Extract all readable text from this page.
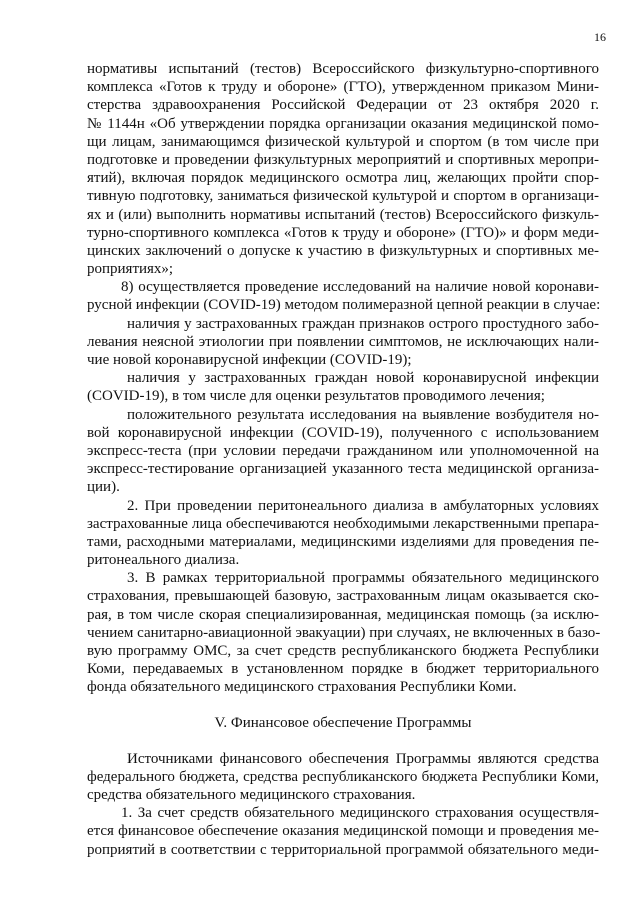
16
нормативы испытаний (тестов) Всероссийского физкультурно-спортивного
комплекса «Готов к труду и обороне» (ГТО), утвержденном приказом Мини-
стерства здравоохранения Российской Федерации от 23 октября 2020 г.
№ 1144н «Об утверждении порядка организации оказания медицинской помо-
щи лицам, занимающимся физической культурой и спортом (в том числе при
подготовке и проведении физкультурных мероприятий и спортивных меропри-
ятий), включая порядок медицинского осмотра лиц, желающих пройти спор-
тивную подготовку, заниматься физической культурой и спортом в организаци-
ях и (или) выполнить нормативы испытаний (тестов) Всероссийского физкуль-
турно-спортивного комплекса «Готов к труду и обороне» (ГТО)» и форм меди-
цинских заключений о допуске к участию в физкультурных и спортивных ме-
роприятиях»;
8) осуществляется проведение исследований на наличие новой коронави-
русной инфекции (COVID-19) методом полимеразной цепной реакции в случае:
наличия у застрахованных граждан признаков острого простудного забо-
левания неясной этиологии при появлении симптомов, не исключающих нали-
чие новой коронавирусной инфекции (COVID-19);
наличия у застрахованных граждан новой коронавирусной инфекции
(COVID-19), в том числе для оценки результатов проводимого лечения;
положительного результата исследования на выявление возбудителя но-
вой коронавирусной инфекции (COVID-19), полученного с использованием
экспресс-теста (при условии передачи гражданином или уполномоченной на
экспресс-тестирование организацией указанного теста медицинской организа-
ции).
2. При проведении перитонеального диализа в амбулаторных условиях
застрахованные лица обеспечиваются необходимыми лекарственными препара-
тами, расходными материалами, медицинскими изделиями для проведения пе-
ритонеального диализа.
3. В рамках территориальной программы обязательного медицинского
страхования, превышающей базовую, застрахованным лицам оказывается ско-
рая, в том числе скорая специализированная, медицинская помощь (за исклю-
чением санитарно-авиационной эвакуации) при случаях, не включенных в базо-
вую программу ОМС, за счет средств республиканского бюджета Республики
Коми, передаваемых в установленном порядке в бюджет территориального
фонда обязательного медицинского страхования Республики Коми.
V. Финансовое обеспечение Программы
Источниками финансового обеспечения Программы являются средства
федерального бюджета, средства республиканского бюджета Республики Коми,
средства обязательного медицинского страхования.
1. За счет средств обязательного медицинского страхования осуществля-
ется финансовое обеспечение оказания медицинской помощи и проведения ме-
роприятий в соответствии с территориальной программой обязательного меди-
